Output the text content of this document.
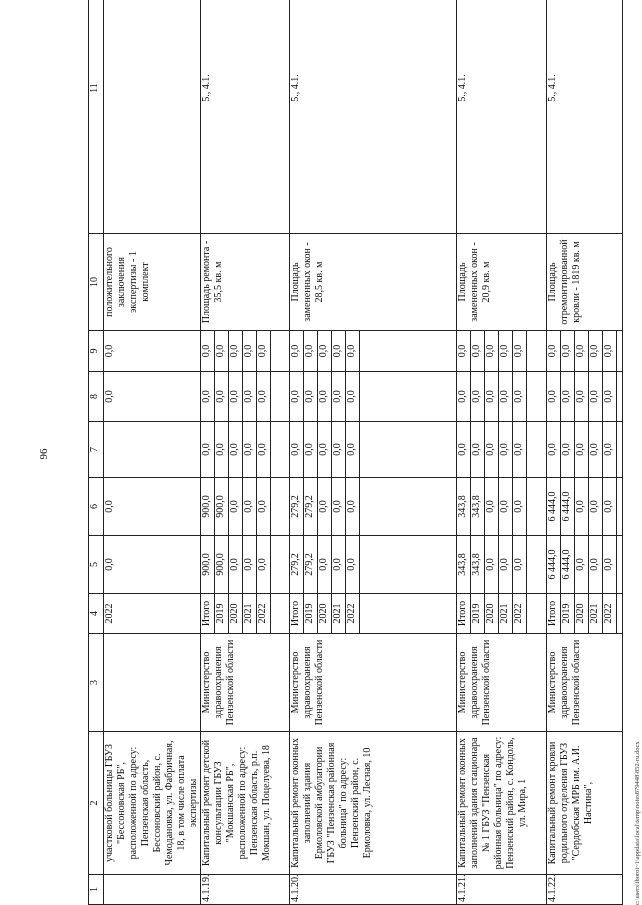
96
1	2	3	4	5	6	7	8	9	10	11
	участковой больницы ГБУЗ "Бессоновская РБ", расположенной по адресу: Пензенская область, Бессоновский район, с. Чемодановка, ул. Фабричная, 18, в том числе оплата экспертизы		2022	0,0	0,0		0,0	0,0	положительного заключения экспертизы - 1 комплект	
4.1.19.	Капитальный ремонт детской консультации ГБУЗ "Мокшанская РБ", расположенной по адресу: Пензенская область, р.п. Мокшан, ул. Поцелуева, 18	Министерство здравоохранения Пензенской области	Итого	900,0	900,0	0,0	0,0	0,0	Площадь ремонта - 35,5 кв. м	5., 4.1.
			2019	900,0	900,0	0,0	0,0	0,0		
			2020	0,0	0,0	0,0	0,0	0,0		
			2021	0,0	0,0	0,0	0,0	0,0		
			2022	0,0	0,0	0,0	0,0	0,0		

4.1.20.	Капитальный ремонт оконных заполнений здания Ермоловской амбулатории ГБУЗ "Пензенская районная больница" по адресу: Пензенский район, с. Ермоловка, ул. Лесная, 10	Министерство здравоохранения Пензенской области	Итого	279,2	279,2	0,0	0,0	0,0	Площадь замененных окон - 28,5 кв. м	5., 4.1.
			2019	279,2	279,2	0,0	0,0	0,0		
			2020	0,0	0,0	0,0	0,0	0,0		
			2021	0,0	0,0	0,0	0,0	0,0		
			2022	0,0	0,0	0,0	0,0	0,0		

4.1.21.	Капитальный ремонт оконных заполнений здания стационара № 1 ГБУЗ "Пензенская районная больница" по адресу: Пензенский район, с. Кондоль, ул. Мира, 1	Министерство здравоохранения Пензенской области	Итого	343,8	343,8	0,0	0,0	0,0	Площадь замененных окон - 20,9 кв. м	5., 4.1.
			2019	343,8	343,8	0,0	0,0	0,0		
			2020	0,0	0,0	0,0	0,0	0,0		
			2021	0,0	0,0	0,0	0,0	0,0		
			2022	0,0	0,0	0,0	0,0	0,0		

4.1.22.	Капитальный ремонт кровли родильного отделения ГБУЗ "Сердобская МРБ им. А.И. Настина",	Министерство здравоохранения Пензенской области	Итого	6 444,0	6 444,0	0,0	0,0	0,0	Площадь отремонтированной кровли - 1819 кв. м	5., 4.1.
			2019	6 444,0	6 444,0	0,0	0,0	0,0		
			2020	0,0	0,0	0,0	0,0	0,0		
			2021	0,0	0,0	0,0	0,0	0,0		
			2022	0,0	0,0	0,0	0,0	0,0		

c:\users\iboroi~1\appdata\local\temp\notes879448\852-ru.docx
